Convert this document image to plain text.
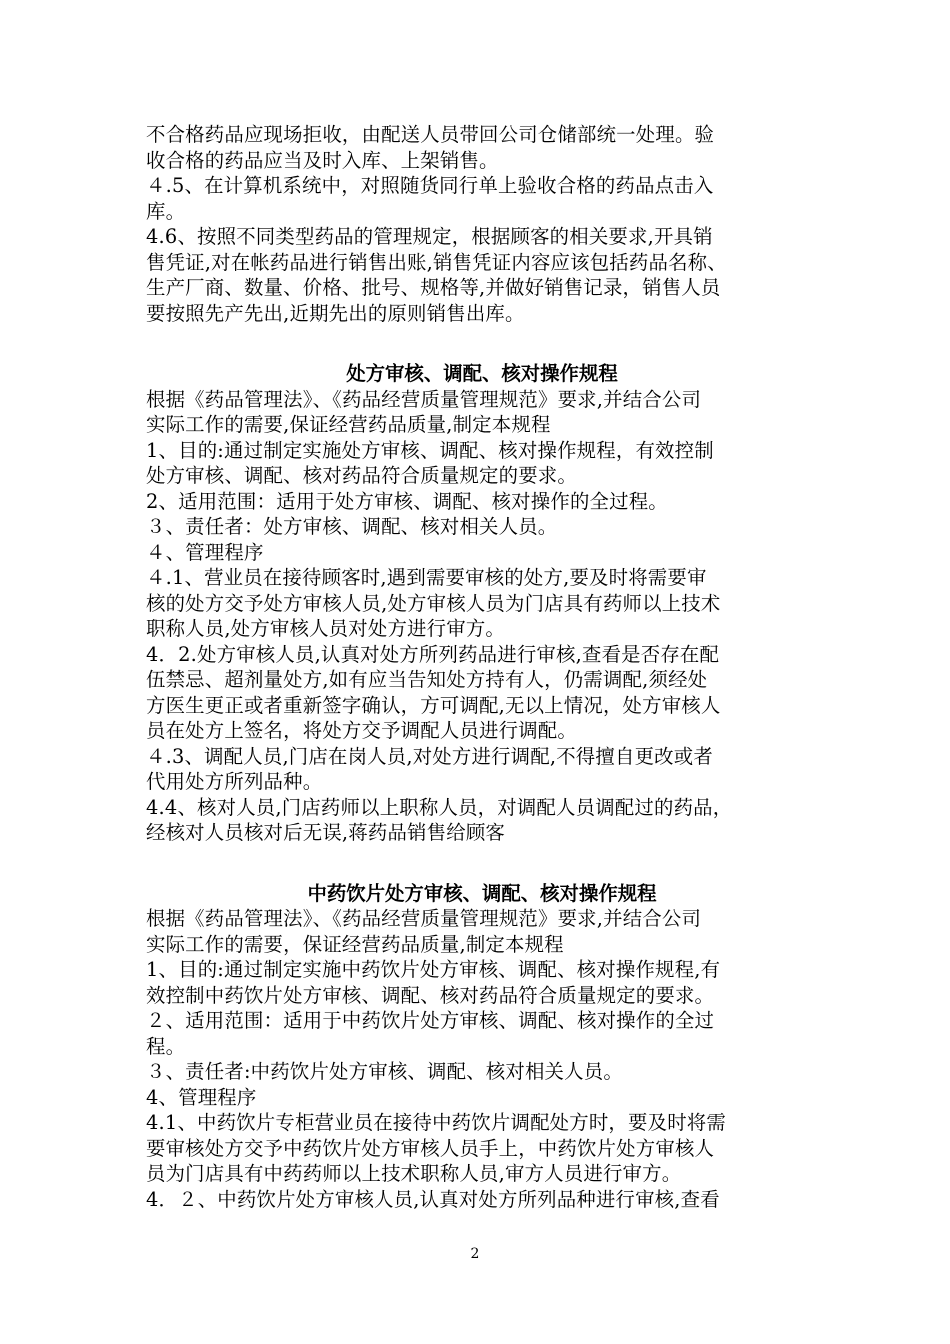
不合格药品应现场拒收，由配送人员带回公司仓储部统一处理。验
收合格的药品应当及时入库、上架销售。
４.5、在计算机系统中，对照随货同行单上验收合格的药品点击入
库。
4.6、按照不同类型药品的管理规定，根据顾客的相关要求,开具销
售凭证,对在帐药品进行销售出账,销售凭证内容应该包括药品名称、
生产厂商、数量、价格、批号、规格等,并做好销售记录，销售人员
要按照先产先出,近期先出的原则销售出库。
处方审核、调配、核对操作规程
根据《药品管理法》、《药品经营质量管理规范》要求,并结合公司
实际工作的需要,保证经营药品质量,制定本规程
1、目的:通过制定实施处方审核、调配、核对操作规程，有效控制
处方审核、调配、核对药品符合质量规定的要求。
2、适用范围：适用于处方审核、调配、核对操作的全过程。
３、责任者：处方审核、调配、核对相关人员。
４、管理程序
４.1、营业员在接待顾客时,遇到需要审核的处方,要及时将需要审
核的处方交予处方审核人员,处方审核人员为门店具有药师以上技术
职称人员,处方审核人员对处方进行审方。
4．2.处方审核人员,认真对处方所列药品进行审核,查看是否存在配
伍禁忌、超剂量处方,如有应当告知处方持有人，仍需调配,须经处
方医生更正或者重新签字确认，方可调配,无以上情况，处方审核人
员在处方上签名，将处方交予调配人员进行调配。
４.3、调配人员,门店在岗人员,对处方进行调配,不得擅自更改或者
代用处方所列品种。
4.4、核对人员,门店药师以上职称人员，对调配人员调配过的药品，
经核对人员核对后无误,蒋药品销售给顾客
中药饮片处方审核、调配、核对操作规程
根据《药品管理法》、《药品经营质量管理规范》要求,并结合公司
实际工作的需要，保证经营药品质量,制定本规程
1、目的:通过制定实施中药饮片处方审核、调配、核对操作规程,有
效控制中药饮片处方审核、调配、核对药品符合质量规定的要求。
２、适用范围：适用于中药饮片处方审核、调配、核对操作的全过
程。
３、责任者:中药饮片处方审核、调配、核对相关人员。
4、管理程序
4.1、中药饮片专柜营业员在接待中药饮片调配处方时，要及时将需
要审核处方交予中药饮片处方审核人员手上，中药饮片处方审核人
员为门店具有中药药师以上技术职称人员,审方人员进行审方。
4．２、中药饮片处方审核人员,认真对处方所列品种进行审核,查看
2
